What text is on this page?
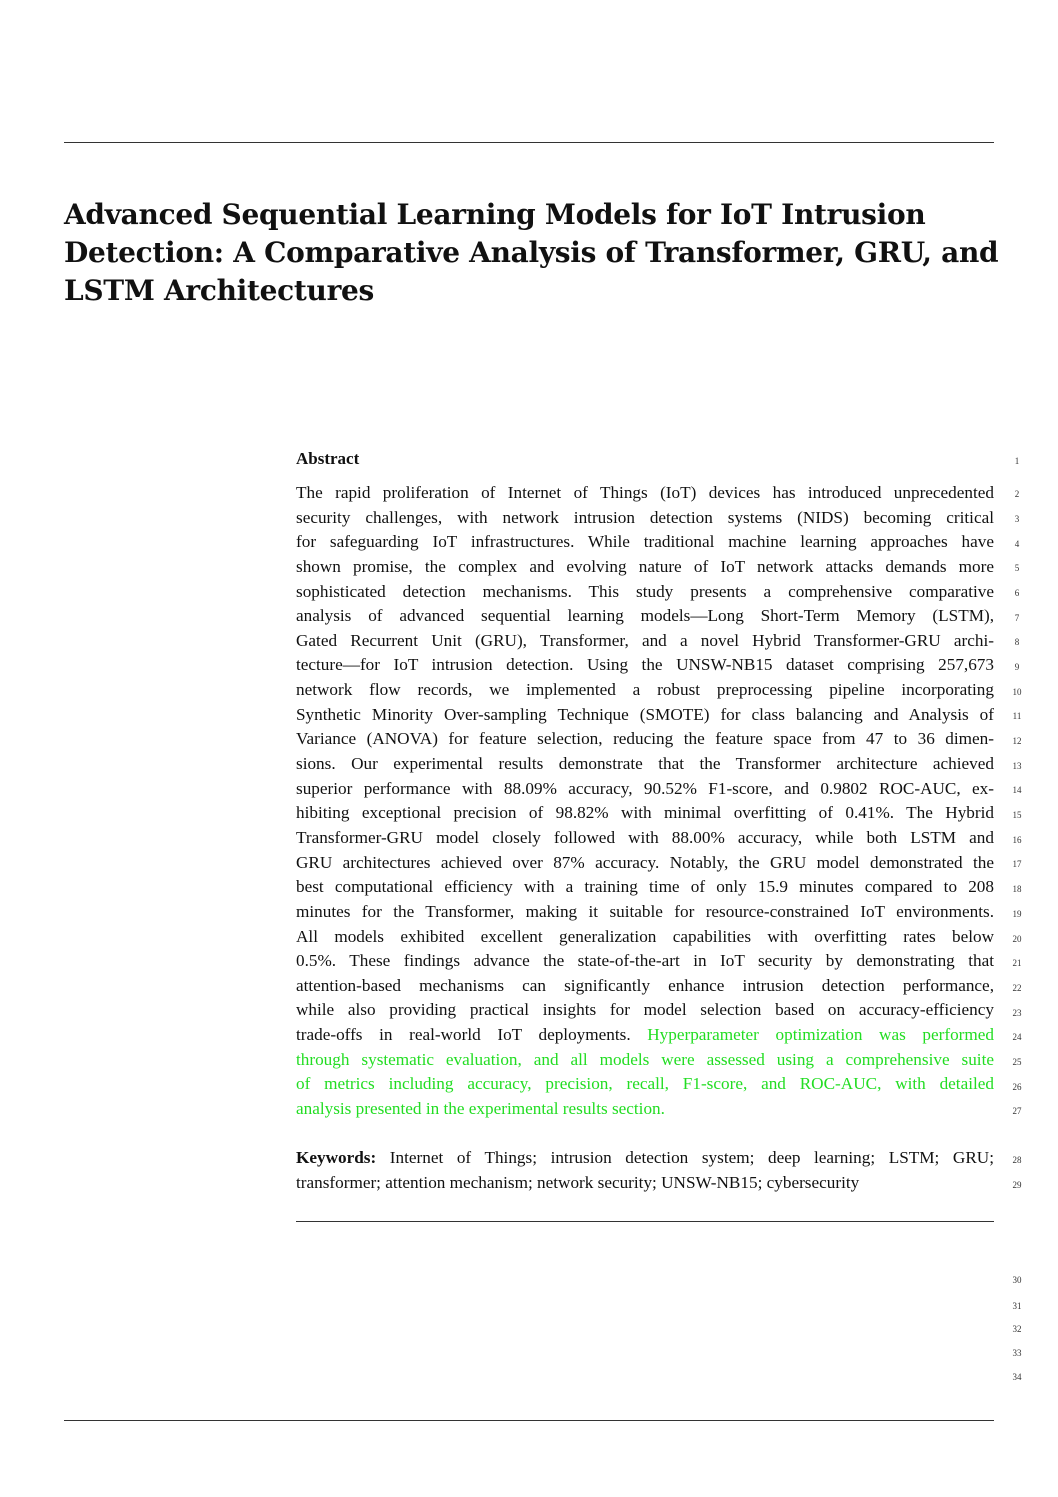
Advanced Sequential Learning Models for IoT Intrusion
Detection: A Comparative Analysis of Transformer, GRU, and
LSTM Architectures
Abstract
The rapid proliferation of Internet of Things (IoT) devices has introduced unprecedented
security challenges, with network intrusion detection systems (NIDS) becoming critical
for safeguarding IoT infrastructures. While traditional machine learning approaches have
shown promise, the complex and evolving nature of IoT network attacks demands more
sophisticated detection mechanisms. This study presents a comprehensive comparative
analysis of advanced sequential learning models—Long Short-Term Memory (LSTM),
Gated Recurrent Unit (GRU), Transformer, and a novel Hybrid Transformer-GRU archi-
tecture—for IoT intrusion detection. Using the UNSW-NB15 dataset comprising 257,673
network flow records, we implemented a robust preprocessing pipeline incorporating
Synthetic Minority Over-sampling Technique (SMOTE) for class balancing and Analysis of
Variance (ANOVA) for feature selection, reducing the feature space from 47 to 36 dimen-
sions. Our experimental results demonstrate that the Transformer architecture achieved
superior performance with 88.09% accuracy, 90.52% F1-score, and 0.9802 ROC-AUC, ex-
hibiting exceptional precision of 98.82% with minimal overfitting of 0.41%. The Hybrid
Transformer-GRU model closely followed with 88.00% accuracy, while both LSTM and
GRU architectures achieved over 87% accuracy. Notably, the GRU model demonstrated the
best computational efficiency with a training time of only 15.9 minutes compared to 208
minutes for the Transformer, making it suitable for resource-constrained IoT environments.
All models exhibited excellent generalization capabilities with overfitting rates below
0.5%. These findings advance the state-of-the-art in IoT security by demonstrating that
attention-based mechanisms can significantly enhance intrusion detection performance,
while also providing practical insights for model selection based on accuracy-efficiency
trade-offs in real-world IoT deployments. Hyperparameter optimization was performed
through systematic evaluation, and all models were assessed using a comprehensive suite
of metrics including accuracy, precision, recall, F1-score, and ROC-AUC, with detailed
analysis presented in the experimental results section.
Keywords: Internet of Things; intrusion detection system; deep learning; LSTM; GRU;
transformer; attention mechanism; network security; UNSW-NB15; cybersecurity
1
2
3
4
5
6
7
8
9
10
11
12
13
14
15
16
17
18
19
20
21
22
23
24
25
26
27
28
29
30
31
32
33
34
